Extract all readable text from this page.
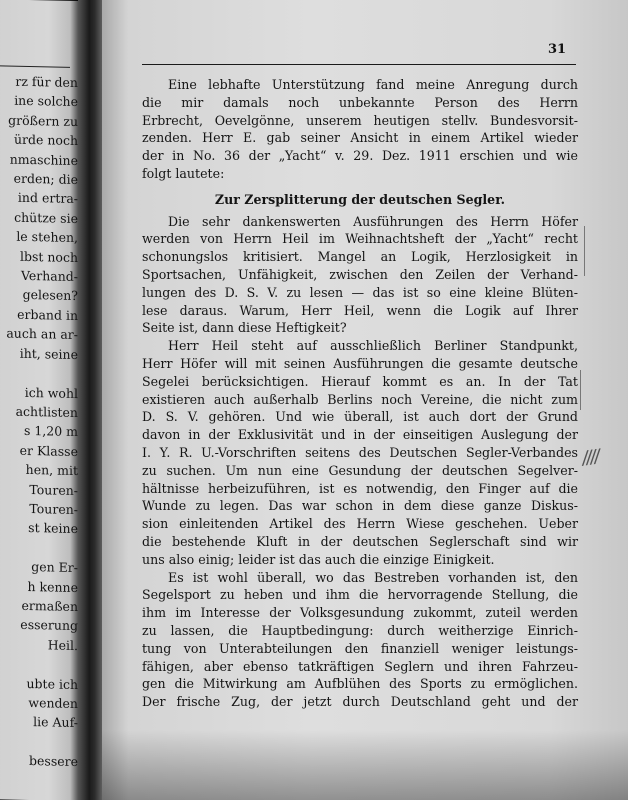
rz für den
ine solche
größern zu
ürde noch
nmaschine
erden; die
ind ertra-
chütze sie
le stehen,
lbst noch
Verhand-
gelesen?
erband in
auch an ar-
iht, seine

ich wohl
achtlisten
s 1,20 m
er Klasse
hen, mit
Touren-
Touren-
st keine

gen Er-
h kenne
ermaßen
esserung
Heil.

ubte ich
wenden
lie Auf-

bessere
31
Eine lebhafte Unterstützung fand meine Anregung durch
die mir damals noch unbekannte Person des Herrn
Erbrecht, Oevelgönne, unserem heutigen stellv. Bundesvorsit-
zenden. Herr E. gab seiner Ansicht in einem Artikel wieder
der in No. 36 der „Yacht“ v. 29. Dez. 1911 erschien und wie
folgt lautete:
Zur Zersplitterung der deutschen Segler.
Die sehr dankenswerten Ausführungen des Herrn Höfer
werden von Herrn Heil im Weihnachtsheft der „Yacht“ recht
schonungslos kritisiert. Mangel an Logik, Herzlosigkeit in
Sportsachen, Unfähigkeit, zwischen den Zeilen der Verhand-
lungen des D. S. V. zu lesen — das ist so eine kleine Blüten-
lese daraus. Warum, Herr Heil, wenn die Logik auf Ihrer
Seite ist, dann diese Heftigkeit?
Herr Heil steht auf ausschließlich Berliner Standpunkt,
Herr Höfer will mit seinen Ausführungen die gesamte deutsche
Segelei berücksichtigen. Hierauf kommt es an. In der Tat
existieren auch außerhalb Berlins noch Vereine, die nicht zum
D. S. V. gehören. Und wie überall, ist auch dort der Grund
davon in der Exklusivität und in der einseitigen Auslegung der
I. Y. R. U.-Vorschriften seitens des Deutschen Segler-Verbandes
zu suchen. Um nun eine Gesundung der deutschen Segelver-
hältnisse herbeizuführen, ist es notwendig, den Finger auf die
Wunde zu legen. Das war schon in dem diese ganze Diskus-
sion einleitenden Artikel des Herrn Wiese geschehen. Ueber
die bestehende Kluft in der deutschen Seglerschaft sind wir
uns also einig; leider ist das auch die einzige Einigkeit.
Es ist wohl überall, wo das Bestreben vorhanden ist, den
Segelsport zu heben und ihm die hervorragende Stellung, die
ihm im Interesse der Volksgesundung zukommt, zuteil werden
zu lassen, die Hauptbedingung: durch weitherzige Einrich-
tung von Unterabteilungen den finanziell weniger leistungs-
fähigen, aber ebenso tatkräftigen Seglern und ihren Fahrzeu-
gen die Mitwirkung am Aufblühen des Sports zu ermöglichen.
Der frische Zug, der jetzt durch Deutschland geht und der
////
